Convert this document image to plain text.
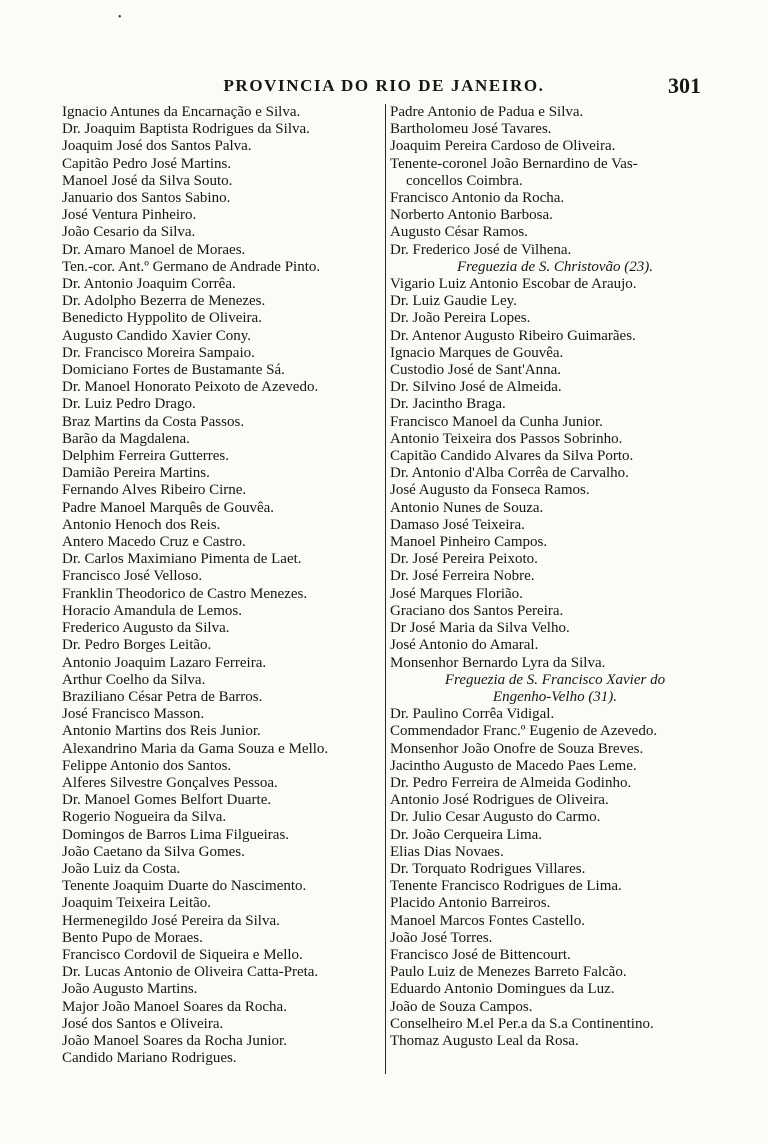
•
PROVINCIA DO RIO DE JANEIRO.	301
Ignacio Antunes da Encarnação e Silva.
Dr. Joaquim Baptista Rodrigues da Silva.
Joaquim José dos Santos Palva.
Capitão Pedro José Martins.
Manoel José da Silva Souto.
Januario dos Santos Sabino.
José Ventura Pinheiro.
João Cesario da Silva.
Dr. Amaro Manoel de Moraes.
Ten.-cor. Ant.º Germano de Andrade Pinto.
Dr. Antonio Joaquim Corrêa.
Dr. Adolpho Bezerra de Menezes.
Benedicto Hyppolito de Oliveira.
Augusto Candido Xavier Cony.
Dr. Francisco Moreira Sampaio.
Domiciano Fortes de Bustamante Sá.
Dr. Manoel Honorato Peixoto de Azevedo.
Dr. Luiz Pedro Drago.
Braz Martins da Costa Passos.
Barão da Magdalena.
Delphim Ferreira Gutterres.
Damião Pereira Martins.
Fernando Alves Ribeiro Cirne.
Padre Manoel Marquês de Gouvêa.
Antonio Henoch dos Reis.
Antero Macedo Cruz e Castro.
Dr. Carlos Maximiano Pimenta de Laet.
Francisco José Velloso.
Franklin Theodorico de Castro Menezes.
Horacio Amandula de Lemos.
Frederico Augusto da Silva.
Dr. Pedro Borges Leitão.
Antonio Joaquim Lazaro Ferreira.
Arthur Coelho da Silva.
Braziliano César Petra de Barros.
José Francisco Masson.
Antonio Martins dos Reis Junior.
Alexandrino Maria da Gama Souza e Mello.
Felippe Antonio dos Santos.
Alferes Silvestre Gonçalves Pessoa.
Dr. Manoel Gomes Belfort Duarte.
Rogerio Nogueira da Silva.
Domingos de Barros Lima Filgueiras.
João Caetano da Silva Gomes.
João Luiz da Costa.
Tenente Joaquim Duarte do Nascimento.
Joaquim Teixeira Leitão.
Hermenegildo José Pereira da Silva.
Bento Pupo de Moraes.
Francisco Cordovil de Siqueira e Mello.
Dr. Lucas Antonio de Oliveira Catta-Preta.
João Augusto Martins.
Major João Manoel Soares da Rocha.
José dos Santos e Oliveira.
João Manoel Soares da Rocha Junior.
Candido Mariano Rodrigues.
Padre Antonio de Padua e Silva.
Bartholomeu José Tavares.
Joaquim Pereira Cardoso de Oliveira.
Tenente-coronel João Bernardino de Vas-
concellos Coimbra.
Francisco Antonio da Rocha.
Norberto Antonio Barbosa.
Augusto César Ramos.
Dr. Frederico José de Vilhena.
Freguezia de S. Christovão (23).
Vigario Luiz Antonio Escobar de Araujo.
Dr. Luiz Gaudie Ley.
Dr. João Pereira Lopes.
Dr. Antenor Augusto Ribeiro Guimarães.
Ignacio Marques de Gouvêa.
Custodio José de Sant'Anna.
Dr. Silvino José de Almeida.
Dr. Jacintho Braga.
Francisco Manoel da Cunha Junior.
Antonio Teixeira dos Passos Sobrinho.
Capitão Candido Alvares da Silva Porto.
Dr. Antonio d'Alba Corrêa de Carvalho.
José Augusto da Fonseca Ramos.
Antonio Nunes de Souza.
Damaso José Teixeira.
Manoel Pinheiro Campos.
Dr. José Pereira Peixoto.
Dr. José Ferreira Nobre.
José Marques Florião.
Graciano dos Santos Pereira.
Dr José Maria da Silva Velho.
José Antonio do Amaral.
Monsenhor Bernardo Lyra da Silva.
Freguezia de S. Francisco Xavier do
Engenho-Velho (31).
Dr. Paulino Corrêa Vidigal.
Commendador Franc.º Eugenio de Azevedo.
Monsenhor João Onofre de Souza Breves.
Jacintho Augusto de Macedo Paes Leme.
Dr. Pedro Ferreira de Almeida Godinho.
Antonio José Rodrigues de Oliveira.
Dr. Julio Cesar Augusto do Carmo.
Dr. João Cerqueira Lima.
Elias Dias Novaes.
Dr. Torquato Rodrigues Villares.
Tenente Francisco Rodrigues de Lima.
Placido Antonio Barreiros.
Manoel Marcos Fontes Castello.
João José Torres.
Francisco José de Bittencourt.
Paulo Luiz de Menezes Barreto Falcão.
Eduardo Antonio Domingues da Luz.
João de Souza Campos.
Conselheiro M.el Per.a da S.a Continentino.
Thomaz Augusto Leal da Rosa.
